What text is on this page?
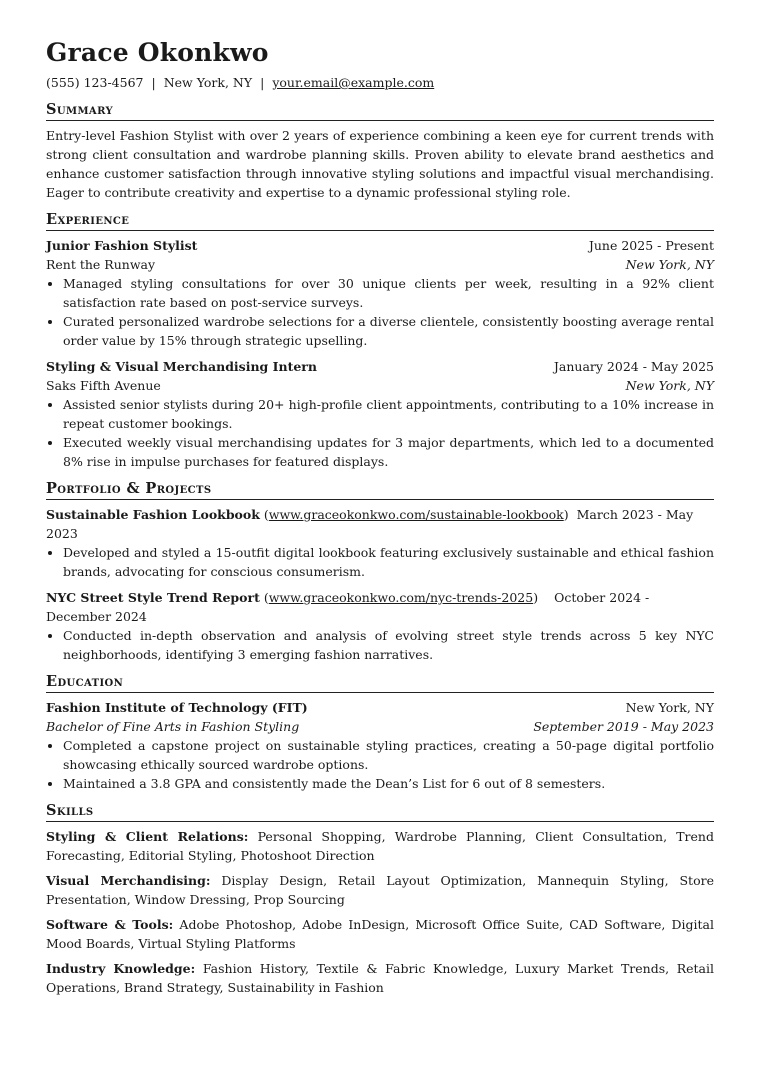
Grace Okonkwo
(555) 123-4567 | New York, NY | your.email@example.com
Summary
Entry-level Fashion Stylist with over 2 years of experience combining a keen eye for current trends with strong client consultation and wardrobe planning skills. Proven ability to elevate brand aesthetics and enhance customer satisfaction through innovative styling solutions and impactful visual merchandising. Eager to contribute creativity and expertise to a dynamic professional styling role.
Experience
Junior Fashion Stylist	June 2025 - Present
Rent the Runway	New York, NY
• Managed styling consultations for over 30 unique clients per week, resulting in a 92% client satisfaction rate based on post-service surveys.
• Curated personalized wardrobe selections for a diverse clientele, consistently boosting average rental order value by 15% through strategic upselling.
Styling & Visual Merchandising Intern	January 2024 - May 2025
Saks Fifth Avenue	New York, NY
• Assisted senior stylists during 20+ high-profile client appointments, contributing to a 10% increase in repeat customer bookings.
• Executed weekly visual merchandising updates for 3 major departments, which led to a documented 8% rise in impulse purchases for featured displays.
Portfolio & Projects
Sustainable Fashion Lookbook (www.graceokonkwo.com/sustainable-lookbook) March 2023 - May 2023
• Developed and styled a 15-outfit digital lookbook featuring exclusively sustainable and ethical fashion brands, advocating for conscious consumerism.
NYC Street Style Trend Report (www.graceokonkwo.com/nyc-trends-2025) October 2024 - December 2024
• Conducted in-depth observation and analysis of evolving street style trends across 5 key NYC neighborhoods, identifying 3 emerging fashion narratives.
Education
Fashion Institute of Technology (FIT)	New York, NY
Bachelor of Fine Arts in Fashion Styling	September 2019 - May 2023
• Completed a capstone project on sustainable styling practices, creating a 50-page digital portfolio showcasing ethically sourced wardrobe options.
• Maintained a 3.8 GPA and consistently made the Dean’s List for 6 out of 8 semesters.
Skills
Styling & Client Relations: Personal Shopping, Wardrobe Planning, Client Consultation, Trend Forecasting, Editorial Styling, Photoshoot Direction
Visual Merchandising: Display Design, Retail Layout Optimization, Mannequin Styling, Store Presentation, Window Dressing, Prop Sourcing
Software & Tools: Adobe Photoshop, Adobe InDesign, Microsoft Office Suite, CAD Software, Digital Mood Boards, Virtual Styling Platforms
Industry Knowledge: Fashion History, Textile & Fabric Knowledge, Luxury Market Trends, Retail Operations, Brand Strategy, Sustainability in Fashion
